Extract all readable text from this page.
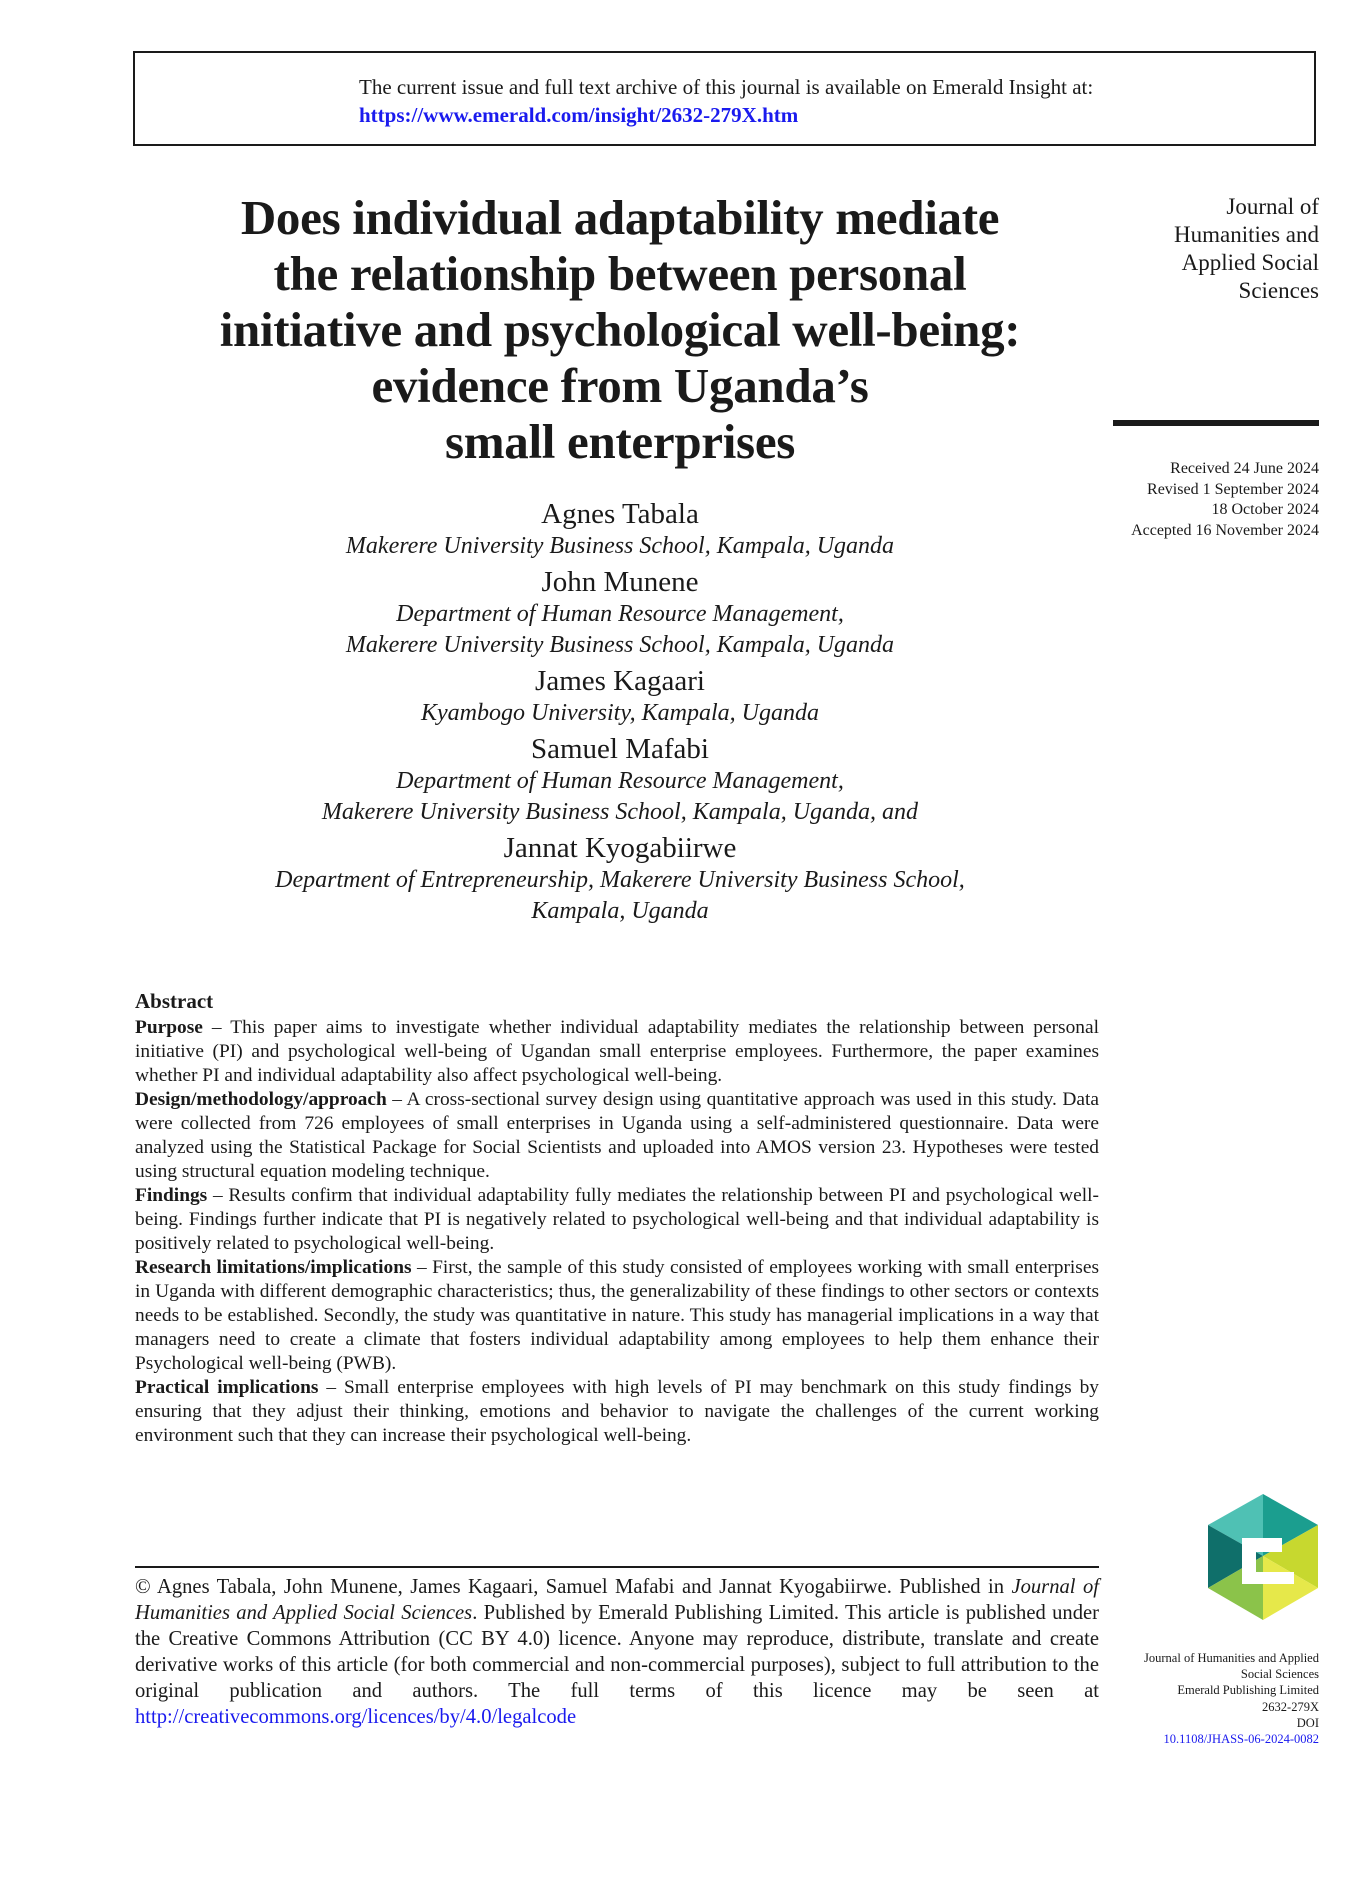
The current issue and full text archive of this journal is available on Emerald Insight at:
https://www.emerald.com/insight/2632-279X.htm
Does individual adaptability mediate
the relationship between personal
initiative and psychological well-being:
evidence from Uganda’s
small enterprises
Journal of
Humanities and
Applied Social
Sciences
Received 24 June 2024
Revised 1 September 2024
18 October 2024
Accepted 16 November 2024
Agnes Tabala
Makerere University Business School, Kampala, Uganda
John Munene
Department of Human Resource Management,
Makerere University Business School, Kampala, Uganda
James Kagaari
Kyambogo University, Kampala, Uganda
Samuel Mafabi
Department of Human Resource Management,
Makerere University Business School, Kampala, Uganda, and
Jannat Kyogabiirwe
Department of Entrepreneurship, Makerere University Business School,
Kampala, Uganda
Abstract

Purpose – This paper aims to investigate whether individual adaptability mediates the relationship between personal initiative (PI) and psychological well-being of Ugandan small enterprise employees. Furthermore, the paper examines whether PI and individual adaptability also affect psychological well-being.

Design/methodology/approach – A cross-sectional survey design using quantitative approach was used in this study. Data were collected from 726 employees of small enterprises in Uganda using a self-administered questionnaire. Data were analyzed using the Statistical Package for Social Scientists and uploaded into AMOS version 23. Hypotheses were tested using structural equation modeling technique.

Findings – Results confirm that individual adaptability fully mediates the relationship between PI and psychological well-being. Findings further indicate that PI is negatively related to psychological well-being and that individual adaptability is positively related to psychological well-being.

Research limitations/implications – First, the sample of this study consisted of employees working with small enterprises in Uganda with different demographic characteristics; thus, the generalizability of these findings to other sectors or contexts needs to be established. Secondly, the study was quantitative in nature. This study has managerial implications in a way that managers need to create a climate that fosters individual adaptability among employees to help them enhance their Psychological well-being (PWB).

Practical implications – Small enterprise employees with high levels of PI may benchmark on this study findings by ensuring that they adjust their thinking, emotions and behavior to navigate the challenges of the current working environment such that they can increase their psychological well-being.

© Agnes Tabala, John Munene, James Kagaari, Samuel Mafabi and Jannat Kyogabiirwe. Published in Journal of Humanities and Applied Social Sciences. Published by Emerald Publishing Limited. This article is published under the Creative Commons Attribution (CC BY 4.0) licence. Anyone may reproduce, distribute, translate and create derivative works of this article (for both commercial and non-commercial purposes), subject to full attribution to the original publication and authors. The full terms of this licence may be seen at http://creativecommons.org/licences/by/4.0/legalcode

Journal of Humanities and Applied
Social Sciences
Emerald Publishing Limited
2632-279X
DOI
10.1108/JHASS-06-2024-0082
